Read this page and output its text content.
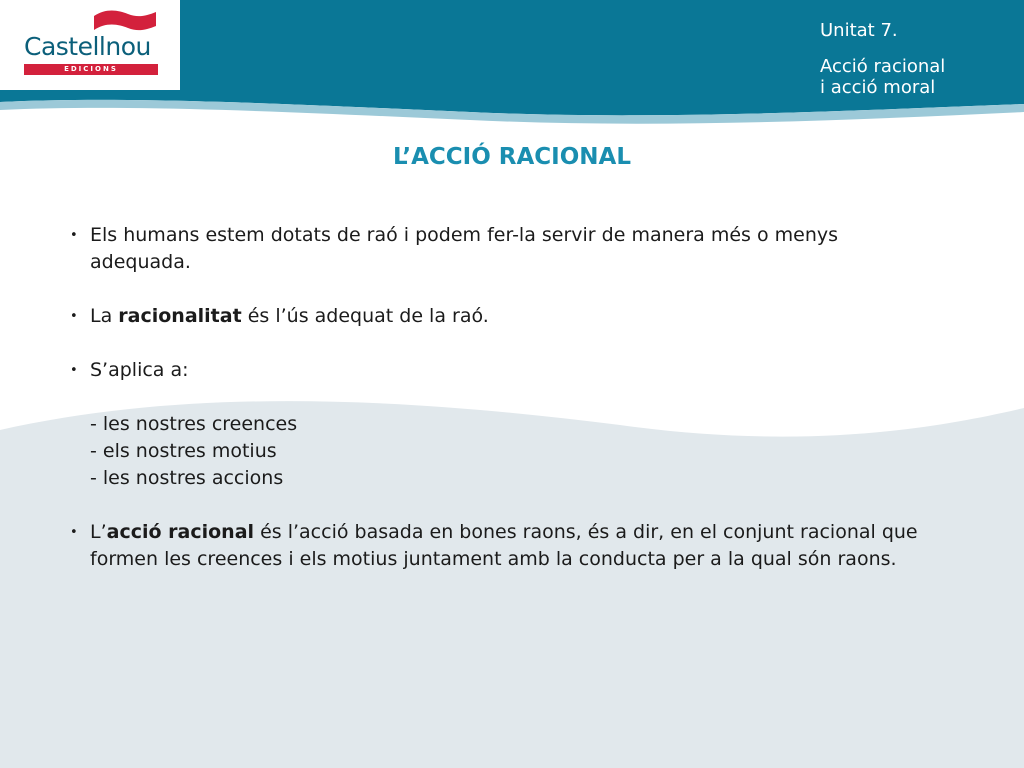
Castellnou
EDICIONS
Unitat 7.
Acció racional
i acció moral
L’ACCIÓ RACIONAL

• Els humans estem dotats de raó i podem fer-la servir de manera més o menys adequada.

• La racionalitat és l’ús adequat de la raó.

• S’aplica a:

- les nostres creences

- els nostres motius

- les nostres accions

• L’acció racional és l’acció basada en bones raons, és a dir, en el conjunt racional que formen les creences i els motius juntament amb la conducta per a la qual són raons.
